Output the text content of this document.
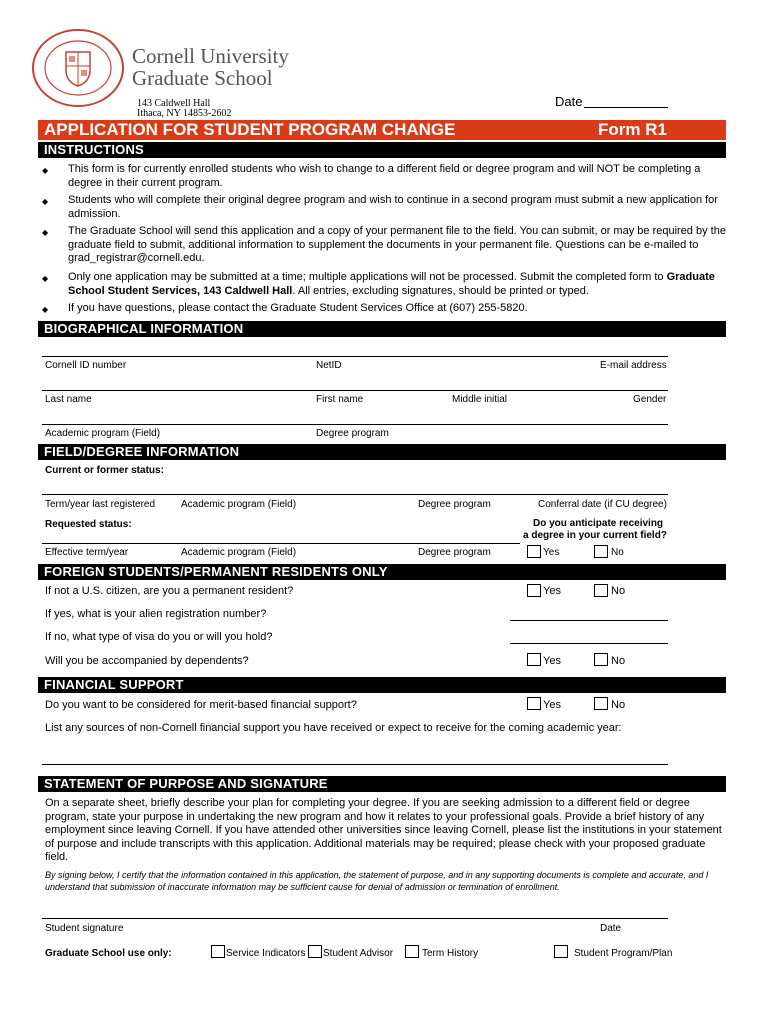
Cornell University
Graduate School
143 Caldwell Hall
Ithaca, NY 14853-2602
Date
APPLICATION FOR STUDENT PROGRAM CHANGE	Form R1
INSTRUCTIONS
◆ This form is for currently enrolled students who wish to change to a different field or degree program and will NOT be completing a degree in their current program.
◆ Students who will complete their original degree program and wish to continue in a second program must submit a new application for admission.
◆ The Graduate School will send this application and a copy of your permanent file to the field. You can submit, or may be required by the graduate field to submit, additional information to supplement the documents in your permanent file. Questions can be e-mailed to grad_registrar@cornell.edu.
◆ Only one application may be submitted at a time; multiple applications will not be processed. Submit the completed form to Graduate School Student Services, 143 Caldwell Hall. All entries, excluding signatures, should be printed or typed.
◆ If you have questions, please contact the Graduate Student Services Office at (607) 255-5820.
BIOGRAPHICAL INFORMATION
Cornell ID number	NetID	E-mail address
Last name	First name	Middle initial	Gender
Academic program (Field)	Degree program
FIELD/DEGREE INFORMATION
Current or former status:
Term/year last registered	Academic program (Field)	Degree program	Conferral date (if CU degree)
Requested status:	Do you anticipate receiving
a degree in your current field?
Effective term/year	Academic program (Field)	Degree program	Yes	No
FOREIGN STUDENTS/PERMANENT RESIDENTS ONLY
If not a U.S. citizen, are you a permanent resident?	Yes	No
If yes, what is your alien registration number?
If no, what type of visa do you or will you hold?
Will you be accompanied by dependents?	Yes	No
FINANCIAL SUPPORT
Do you want to be considered for merit-based financial support?	Yes	No
List any sources of non-Cornell financial support you have received or expect to receive for the coming academic year:
STATEMENT OF PURPOSE AND SIGNATURE
On a separate sheet, briefly describe your plan for completing your degree. If you are seeking admission to a different field or degree program, state your purpose in undertaking the new program and how it relates to your professional goals. Provide a brief history of any employment since leaving Cornell. If you have attended other universities since leaving Cornell, please list the institutions in your statement of purpose and include transcripts with this application. Additional materials may be required; please check with your proposed graduate field.
By signing below, I certify that the information contained in this application, the statement of purpose, and in any supporting documents is complete and accurate, and I understand that submission of inaccurate information may be sufficient cause for denial of admission or termination of enrollment.
Student signature	Date
Graduate School use only:	Service Indicators Student Advisor	Term History	Student Program/Plan
